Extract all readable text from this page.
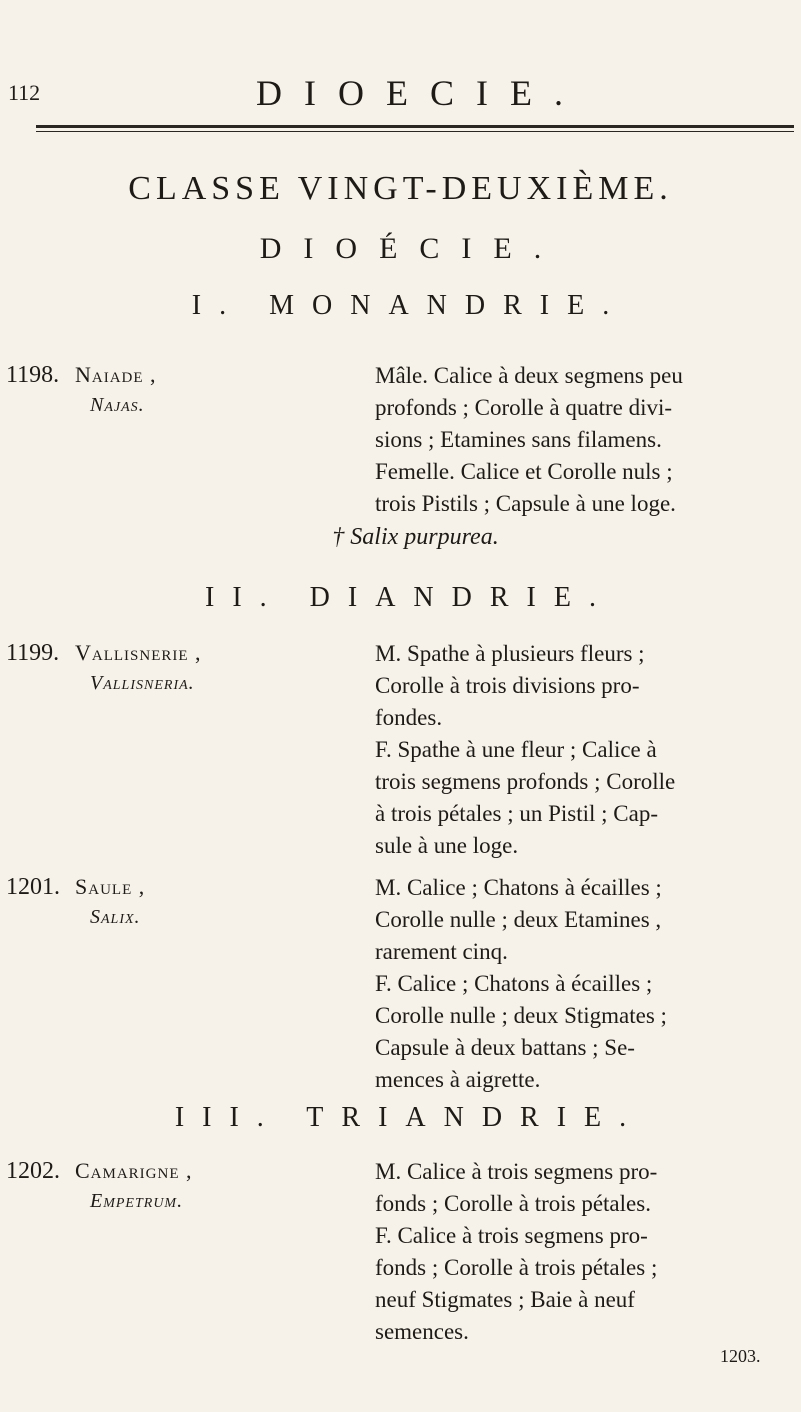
112	DIOECIE.
CLASSE VINGT-DEUXIÈME.
DIOÉCIE.
I. MONANDRIE.
1198. Naiade ,
Najas.

Mâle. Calice à deux segmens peu

profonds ; Corolle à quatre divi-

sions ; Etamines sans filamens.

Femelle. Calice et Corolle nuls ;

trois Pistils ; Capsule à une loge.

† Salix purpurea.
II. DIANDRIE.
1199. Vallisnerie ,
Vallisneria.

M. Spathe à plusieurs fleurs ;

Corolle à trois divisions pro-

fondes.

F. Spathe à une fleur ; Calice à

trois segmens profonds ; Corolle

à trois pétales ; un Pistil ; Cap-

sule à une loge.

1201. Saule ,
Salix.

M. Calice ; Chatons à écailles ;

Corolle nulle ; deux Etamines ,

rarement cinq.

F. Calice ; Chatons à écailles ;

Corolle nulle ; deux Stigmates ;

Capsule à deux battans ; Se-

mences à aigrette.

III. TRIANDRIE.
1202. Camarigne ,
Empetrum.

M. Calice à trois segmens pro-

fonds ; Corolle à trois pétales.

F. Calice à trois segmens pro-

fonds ; Corolle à trois pétales ;

neuf Stigmates ; Baie à neuf

semences.

1203.
